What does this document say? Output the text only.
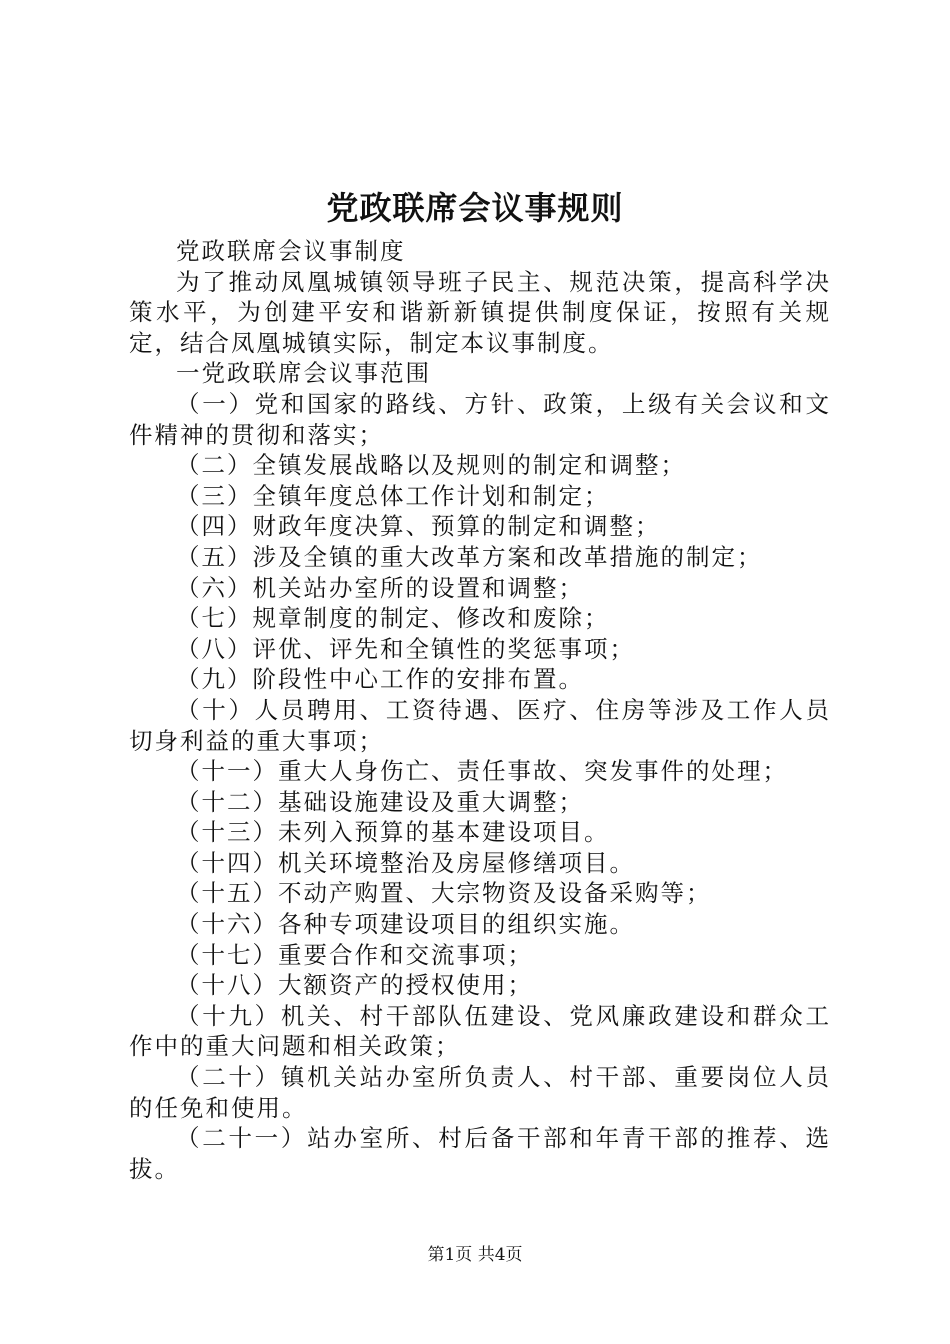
党政联席会议事规则

党政联席会议事制度

为了推动凤凰城镇领导班子民主、规范决策，提高科学决策水平，为创建平安和谐新新镇提供制度保证，按照有关规定，结合凤凰城镇实际，制定本议事制度。

一党政联席会议事范围

（一）党和国家的路线、方针、政策，上级有关会议和文件精神的贯彻和落实；

（二）全镇发展战略以及规则的制定和调整；

（三）全镇年度总体工作计划和制定；

（四）财政年度决算、预算的制定和调整；

（五）涉及全镇的重大改革方案和改革措施的制定；

（六）机关站办室所的设置和调整；

（七）规章制度的制定、修改和废除；

（八）评优、评先和全镇性的奖惩事项；

（九）阶段性中心工作的安排布置。

（十）人员聘用、工资待遇、医疗、住房等涉及工作人员切身利益的重大事项；

（十一）重大人身伤亡、责任事故、突发事件的处理；

（十二）基础设施建设及重大调整；

（十三）未列入预算的基本建设项目。

（十四）机关环境整治及房屋修缮项目。

（十五）不动产购置、大宗物资及设备采购等；

（十六）各种专项建设项目的组织实施。

（十七）重要合作和交流事项；

（十八）大额资产的授权使用；

（十九）机关、村干部队伍建设、党风廉政建设和群众工作中的重大问题和相关政策；

（二十）镇机关站办室所负责人、村干部、重要岗位人员的任免和使用。

（二十一）站办室所、村后备干部和年青干部的推荐、选拔。

第1页 共4页
